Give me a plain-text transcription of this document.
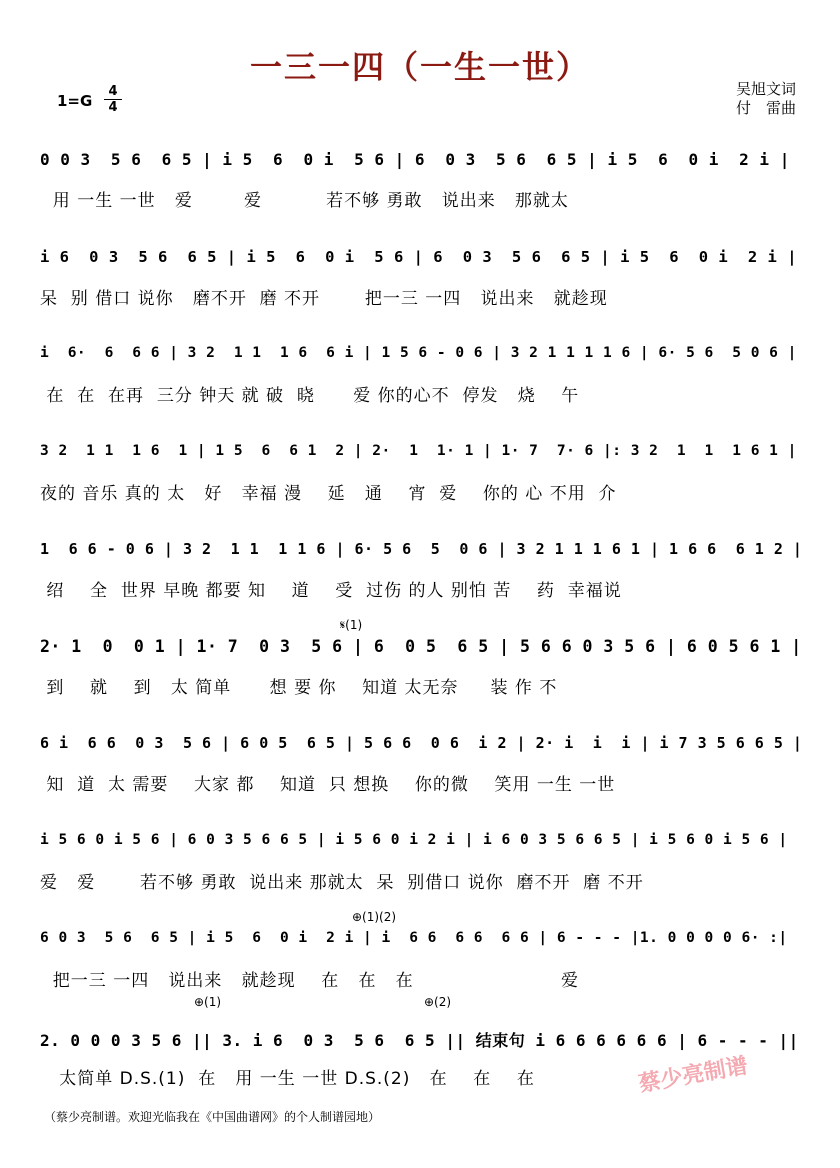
一三一四（一生一世）
1=G
4
4
吴旭文词
付　雷曲
0 0 3  5 6  6 5 | i 5  6  0 i  5 6 | 6  0 3  5 6  6 5 | i 5  6  0 i  2 i |
用 一生 一世   爱        爱          若不够 勇敢   说出来   那就太
i 6  0 3  5 6  6 5 | i 5  6  0 i  5 6 | 6  0 3  5 6  6 5 | i 5  6  0 i  2 i |
呆  别 借口 说你   磨不开  磨 不开       把一三 一四   说出来   就趁现
i  6·  6  6 6 | 3 2  1 1  1 6  6 i | 1 5 6 - 0 6 | 3 2 1 1 1 1 6 | 6· 5 6  5 0 6 |
在  在  在再  三分 钟天 就 破  晓      爱 你的心不  停发   烧    午
3 2  1 1  1 6  1 | 1 5  6  6 1  2 | 2·  1  1· 1 | 1· 7  7· 6 |: 3 2  1  1  1 6 1 |
夜的 音乐 真的 太   好   幸福 漫    延   通    宵  爱    你的 心 不用  介
1  6 6 - 0 6 | 3 2  1 1  1 1 6 | 6· 5 6  5  0 6 | 3 2 1 1 1 6 1 | 1 6 6  6 1 2 |
绍    全  世界 早晚 都要 知    道    受  过伤 的人 别怕 苦    药  幸福说
2· 1  0  0 1 | 1· 7  0 3  5 6 | 6  0 5  6 5 | 5 6 6 0 3 5 6 | 6 0 5 6 1 |
到    就    到   太 简单      想 要 你    知道 太无奈     装 作 不
6 i  6 6  0 3  5 6 | 6 0 5  6 5 | 5 6 6  0 6  i 2 | 2· i  i  i | i 7 3 5 6 6 5 |
知  道  太 需要    大家 都    知道  只 想换    你的微    笑用 一生 一世
i 5 6 0 i 5 6 | 6 0 3 5 6 6 5 | i 5 6 0 i 2 i | i 6 0 3 5 6 6 5 | i 5 6 0 i 5 6 |
爱   爱       若不够 勇敢  说出来 那就太  呆  别借口 说你  磨不开  磨 不开
6 0 3  5 6  6 5 | i 5  6  0 i  2 i | i  6 6  6 6  6 6 | 6 - - - |1. 0 0 0 0 6· :|
把一三 一四   说出来   就趁现    在   在   在                       爱
2. 0 0 0 3 5 6 || 3. i 6  0 3  5 6  6 5 || 结束句 i 6 6 6 6 6 6 | 6 - - - ||
太简单 D.S.(1)  在   用 一生 一世 D.S.(2)   在    在    在
𝄋(1)
⊕(1)(2)
⊕(1)	⊕(2)
（蔡少亮制谱。欢迎光临我在《中国曲谱网》的个人制谱园地）
蔡少亮制谱
